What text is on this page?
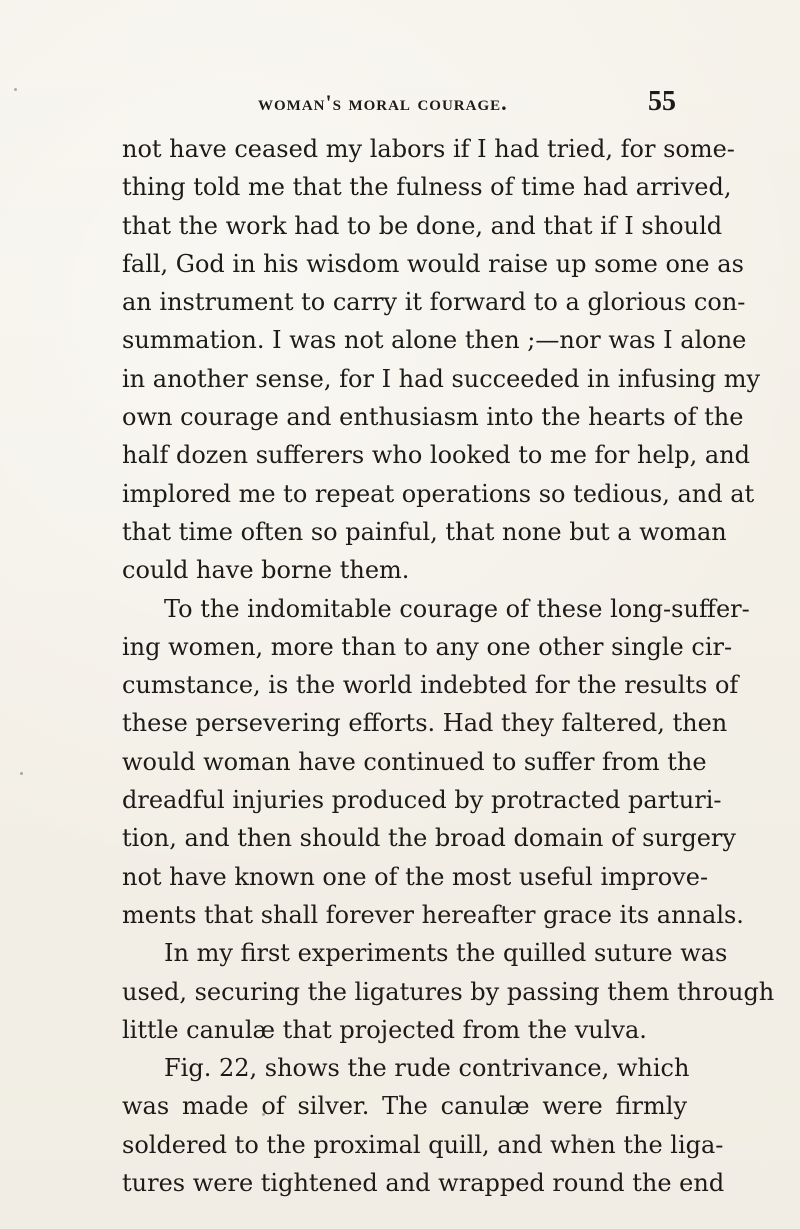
woman's moral courage.	55
not have ceased my labors if I had tried, for some-
thing told me that the fulness of time had arrived,
that the work had to be done, and that if I should
fall, God in his wisdom would raise up some one as
an instrument to carry it forward to a glorious con-
summation. I was not alone then ;—nor was I alone
in another sense, for I had succeeded in infusing my
own courage and enthusiasm into the hearts of the
half dozen sufferers who looked to me for help, and
implored me to repeat operations so tedious, and at
that time often so painful, that none but a woman
could have borne them.
To the indomitable courage of these long-suffer-
ing women, more than to any one other single cir-
cumstance, is the world indebted for the results of
these persevering efforts. Had they faltered, then
would woman have continued to suffer from the
dreadful injuries produced by protracted parturi-
tion, and then should the broad domain of surgery
not have known one of the most useful improve-
ments that shall forever hereafter grace its annals.
In my first experiments the quilled suture was
used, securing the ligatures by passing them through
little canulæ that projected from the vulva.
Fig. 22, shows the rude contrivance, which
was made of silver. The canulæ were firmly
soldered to the proximal quill, and when the liga-
tures were tightened and wrapped round the end
